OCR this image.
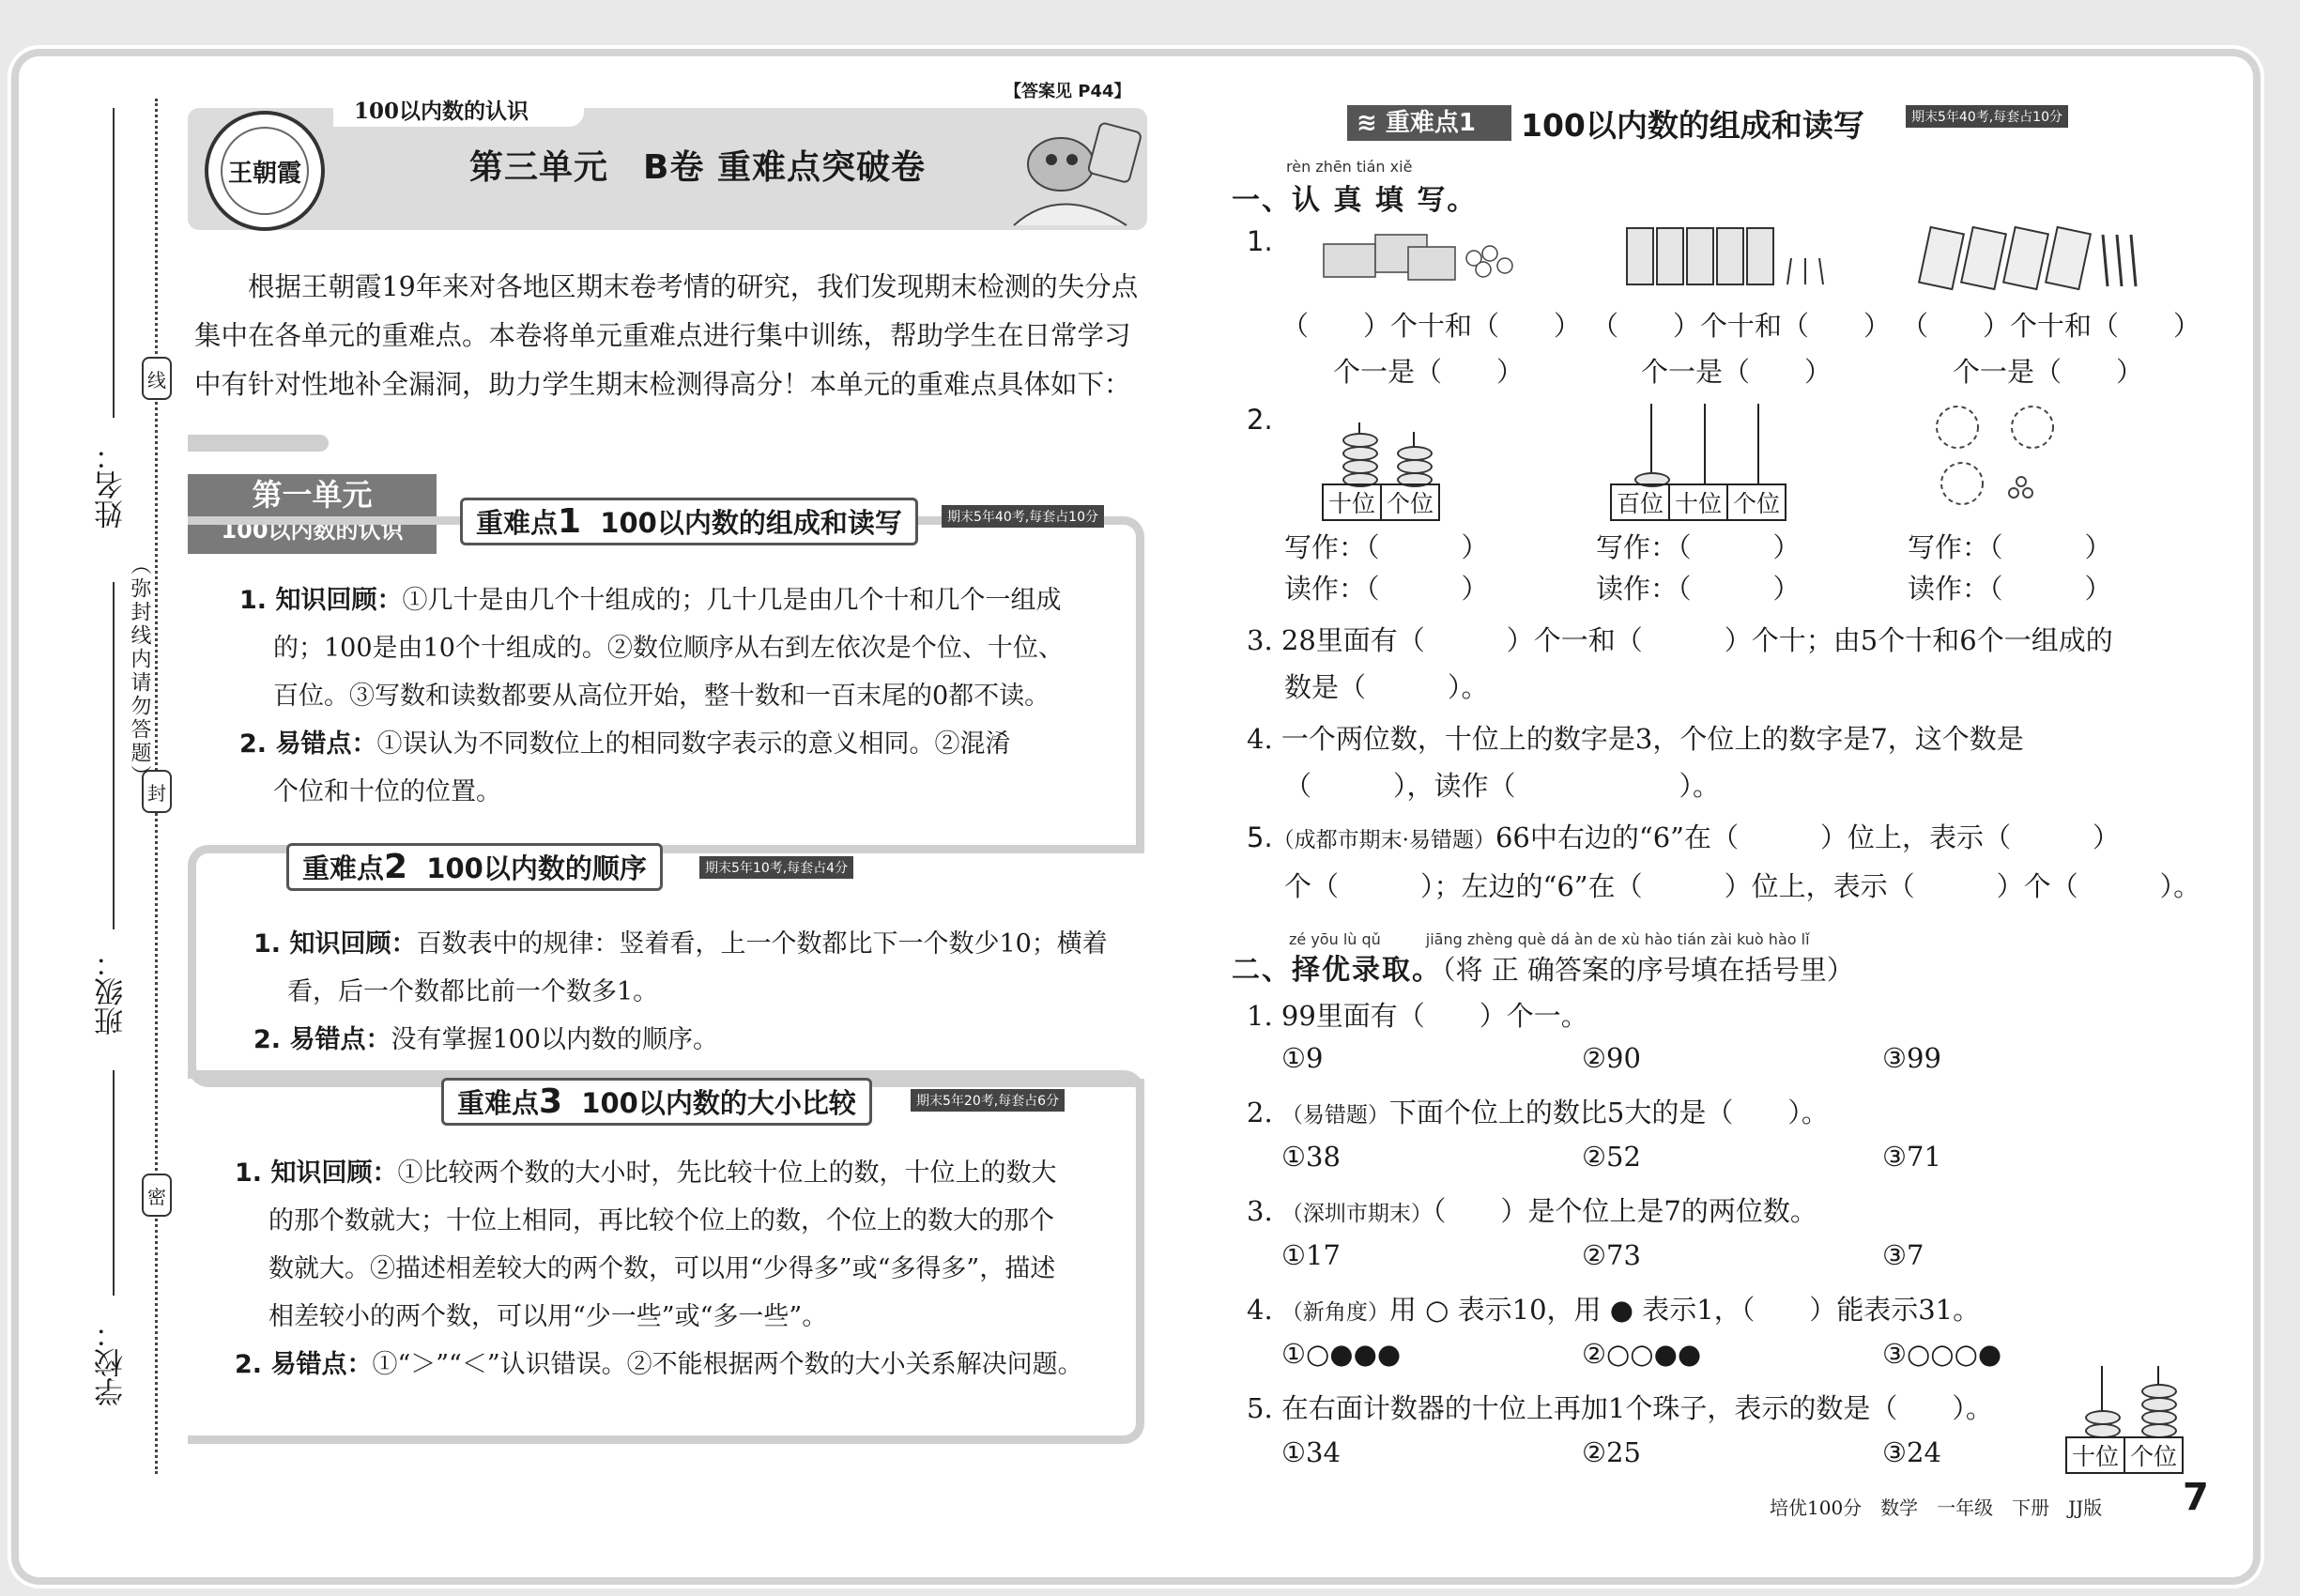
姓名：
班级：
学校：
线
封
密
（弥封线内请勿答题）
100以内数的认识
王朝霞	第三单元　B卷 重难点突破卷
【答案见 P44】
根据王朝霞19年来对各地区期末卷考情的研究，我们发现期末检测的失分点集中在各单元的重难点。本卷将单元重难点进行集中训练，帮助学生在日常学习中有针对性地补全漏洞，助力学生期末检测得高分！本单元的重难点具体如下：
第一单元
100以内数的认识	重难点1 100以内数的组成和读写	期末5年40考,每套占10分
1. 知识回顾：①几十是由几个十组成的；几十几是由几个十和几个一组成
的；100是由10个十组成的。②数位顺序从右到左依次是个位、十位、
百位。③写数和读数都要从高位开始，整十数和一百末尾的0都不读。
2. 易错点：①误认为不同数位上的相同数字表示的意义相同。②混淆
个位和十位的位置。
重难点2 100以内数的顺序	期末5年10考,每套占4分
1. 知识回顾：百数表中的规律：竖着看，上一个数都比下一个数少10；横着
看，后一个数都比前一个数多1。
2. 易错点：没有掌握100以内数的顺序。
重难点3 100以内数的大小比较	期末5年20考,每套占6分
1. 知识回顾：①比较两个数的大小时，先比较十位上的数，十位上的数大
的那个数就大；十位上相同，再比较个位上的数，个位上的数大的那个
数就大。②描述相差较大的两个数，可以用“少得多”或“多得多”，描述
相差较小的两个数，可以用“少一些”或“多一些”。
2. 易错点：①“＞”“＜”认识错误。②不能根据两个数的大小关系解决问题。
≋ 重难点1	100以内数的组成和读写	期末5年40考,每套占10分
rèn zhēn tián xiě
一、认 真 填 写。
1.
（　　）个十和（　　）
个一是（　　）
（　　）个十和（　　）
个一是（　　）
（　　）个十和（　　）
个一是（　　）
2.
十位	个位	百位	十位	个位
写作：（　　　）
读作：（　　　）
写作：（　　　）
读作：（　　　）
写作：（　　　）
读作：（　　　）
3. 28里面有（　　　）个一和（　　　）个十；由5个十和6个一组成的
数是（　　　）。
4. 一个两位数，十位上的数字是3，个位上的数字是7，这个数是
（　　　），读作（　　　　　　）。
5.（成都市期末·易错题）66中右边的“6”在（　　　）位上，表示（　　　）
个（　　　）；左边的“6”在（　　　）位上，表示（　　　）个（　　　）。
zé yōu lù qǔ　　　jiāng zhèng què dá àn de xù hào tián zài kuò hào lǐ
二、择优录取。（将 正 确答案的序号填在括号里）
1. 99里面有（　　）个一。
①9	②90	③99
2. （易错题）下面个位上的数比5大的是（　　）。
①38	②52	③71
3. （深圳市期末）（　　）是个位上是7的两位数。
①17	②73	③7
4. （新角度）用 ○ 表示10，用 ● 表示1，（　　）能表示31。
①○●●●	②○○●●	③○○○●
5. 在右面计数器的十位上再加1个珠子，表示的数是（　　）。
①34	②25	③24	十位	个位
培优100分　数学　一年级　下册　JJ版 7
